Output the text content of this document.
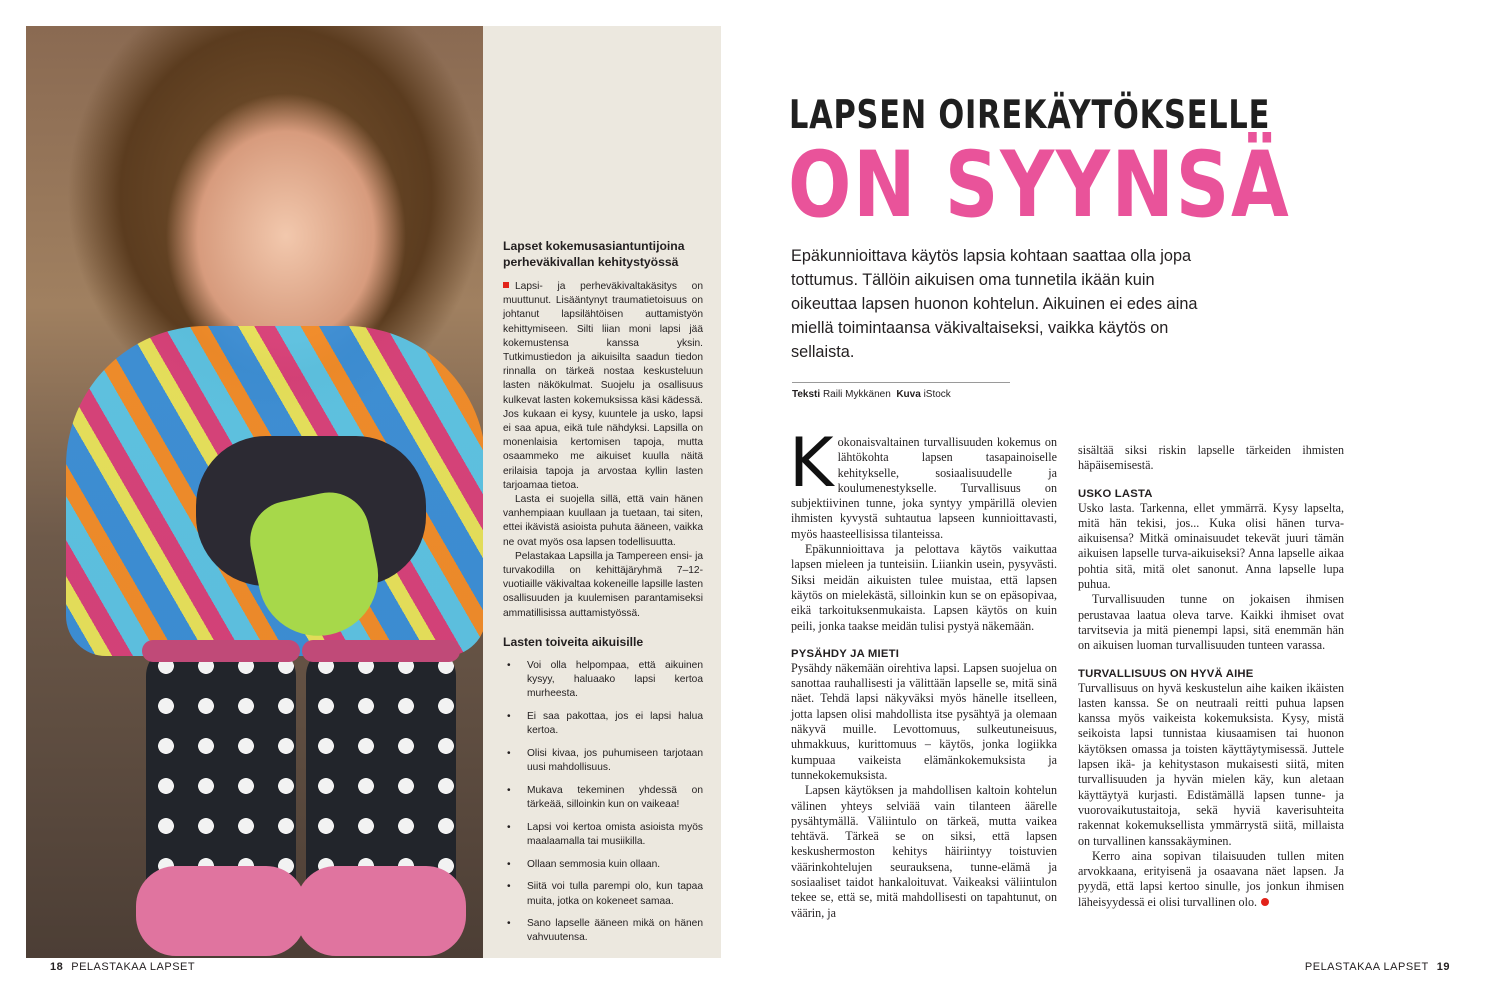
Lapset kokemusasiantuntijoina perheväkivallan kehitystyössä

Lapsi- ja perheväkivaltakäsitys on muuttunut. Lisääntynyt traumatietoisuus on johtanut lapsilähtöisen auttamistyön kehittymiseen. Silti liian moni lapsi jää kokemustensa kanssa yksin. Tutkimustiedon ja aikuisilta saadun tiedon rinnalla on tärkeä nostaa keskusteluun lasten näkökulmat. Suojelu ja osallisuus kulkevat lasten kokemuksissa käsi kädessä. Jos kukaan ei kysy, kuuntele ja usko, lapsi ei saa apua, eikä tule nähdyksi. Lapsilla on monenlaisia kertomisen tapoja, mutta osaammeko me aikuiset kuulla näitä erilaisia tapoja ja arvostaa kyllin lasten tarjoamaa tietoa.

Lasta ei suojella sillä, että vain hänen vanhempiaan kuullaan ja tuetaan, tai siten, ettei ikävistä asioista puhuta ääneen, vaikka ne ovat myös osa lapsen todellisuutta.

Pelastakaa Lapsilla ja Tampereen ensi- ja turvakodilla on kehittäjäryhmä 7–12-vuotiaille väkivaltaa kokeneille lapsille lasten osallisuuden ja kuulemisen parantamiseksi ammatillisissa auttamistyössä.

Lasten toiveita aikuisille
• Voi olla helpompaa, että aikuinen kysyy, haluaako lapsi kertoa murheesta.
• Ei saa pakottaa, jos ei lapsi halua kertoa.
• Olisi kivaa, jos puhumiseen tarjotaan uusi mahdollisuus.
• Mukava tekeminen yhdessä on tärkeää, silloinkin kun on vaikeaa!
• Lapsi voi kertoa omista asioista myös maalaamalla tai musiikilla.
• Ollaan semmosia kuin ollaan.
• Siitä voi tulla parempi olo, kun tapaa muita, jotka on kokeneet samaa.
• Sano lapselle ääneen mikä on hänen vahvuutensa.
18 PELASTAKAA LAPSET
LAPSEN OIREKÄYTÖKSELLE
ON SYYNSÄ
Epäkunnioittava käytös lapsia kohtaan saattaa olla jopa tottumus. Tällöin aikuisen oma tunnetila ikään kuin oikeuttaa lapsen huonon kohtelun. Aikuinen ei edes aina miellä toimintaansa väkivaltaiseksi, vaikka käytös on sellaista.
Teksti Raili Mykkänen Kuva iStock

Kokonaisvaltainen turvallisuuden kokemus on lähtökohta lapsen tasapainoiselle kehitykselle, sosiaalisuudelle ja koulumenestykselle. Turvallisuus on subjektiivinen tunne, joka syntyy ympärillä olevien ihmisten kyvystä suhtautua lapseen kunnioittavasti, myös haasteellisissa tilanteissa.

Epäkunnioittava ja pelottava käytös vaikuttaa lapsen mieleen ja tunteisiin. Liiankin usein, pysyvästi. Siksi meidän aikuisten tulee muistaa, että lapsen käytös on mielekästä, silloinkin kun se on epäsopivaa, eikä tarkoituksenmukaista. Lapsen käytös on kuin peili, jonka taakse meidän tulisi pystyä näkemään.

PYSÄHDY JA MIETI

Pysähdy näkemään oirehtiva lapsi. Lapsen suojelua on sanottaa rauhallisesti ja välittään lapselle se, mitä sinä näet. Tehdä lapsi näkyväksi myös hänelle itselleen, jotta lapsen olisi mahdollista itse pysähtyä ja olemaan näkyvä muille. Levottomuus, sulkeutuneisuus, uhmakkuus, kurittomuus – käytös, jonka logiikka kumpuaa vaikeista elämänkokemuksista ja tunnekokemuksista.

Lapsen käytöksen ja mahdollisen kaltoin kohtelun välinen yhteys selviää vain tilanteen äärelle pysähtymällä. Väliintulo on tärkeä, mutta vaikea tehtävä. Tärkeä se on siksi, että lapsen keskushermoston kehitys häiriintyy toistuvien väärinkohtelujen seurauksena, tunne-elämä ja sosiaaliset taidot hankaloituvat. Vaikeaksi väliintulon tekee se, että se, mitä mahdollisesti on tapahtunut, on väärin, ja

sisältää siksi riskin lapselle tärkeiden ihmisten häpäisemisestä.

USKO LASTA

Usko lasta. Tarkenna, ellet ymmärrä. Kysy lapselta, mitä hän tekisi, jos... Kuka olisi hänen turva-aikuisensa? Mitkä ominaisuudet tekevät juuri tämän aikuisen lapselle turva-aikuiseksi? Anna lapselle aikaa pohtia sitä, mitä olet sanonut. Anna lapselle lupa puhua.

Turvallisuuden tunne on jokaisen ihmisen perustavaa laatua oleva tarve. Kaikki ihmiset ovat tarvitsevia ja mitä pienempi lapsi, sitä enemmän hän on aikuisen luoman turvallisuuden tunteen varassa.

TURVALLISUUS ON HYVÄ AIHE

Turvallisuus on hyvä keskustelun aihe kaiken ikäisten lasten kanssa. Se on neutraali reitti puhua lapsen kanssa myös vaikeista kokemuksista. Kysy, mistä seikoista lapsi tunnistaa kiusaamisen tai huonon käytöksen omassa ja toisten käyttäytymisessä. Juttele lapsen ikä- ja kehitystason mukaisesti siitä, miten turvallisuuden ja hyvän mielen käy, kun aletaan käyttäytyä kurjasti. Edistämällä lapsen tunne- ja vuorovaikutustaitoja, sekä hyviä kaverisuhteita rakennat kokemuksellista ymmärrystä siitä, millaista on turvallinen kanssakäyminen.

Kerro aina sopivan tilaisuuden tullen miten arvokkaana, erityisenä ja osaavana näet lapsen. Ja pyydä, että lapsi kertoo sinulle, jos jonkun ihmisen läheisyydessä ei olisi turvallinen olo.

PELASTAKAA LAPSET 19
